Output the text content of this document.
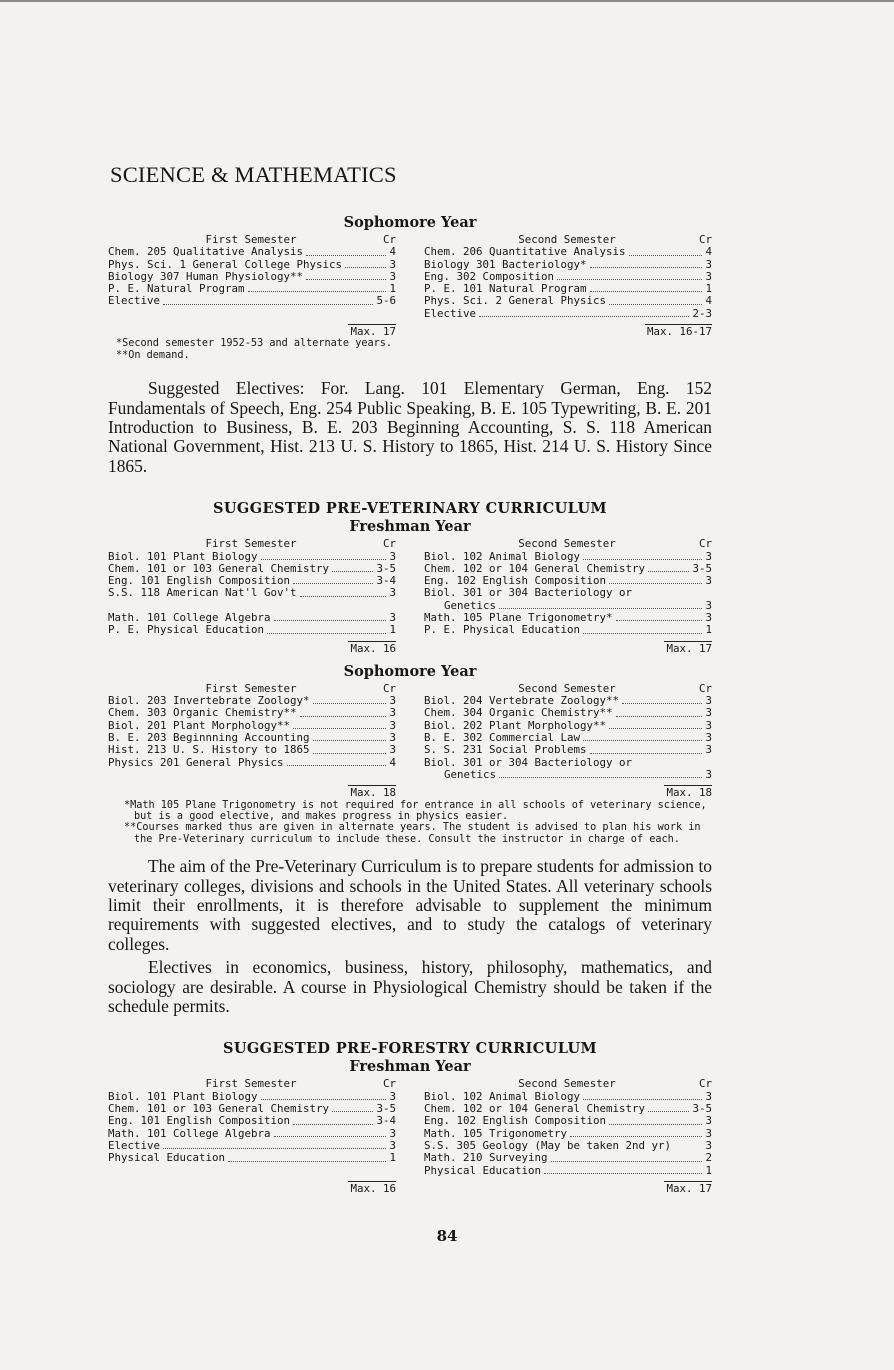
SCIENCE & MATHEMATICS
Sophomore Year
First Semester	Cr
Chem. 205 Qualitative Analysis	4
Phys. Sci. 1 General College Physics	3
Biology 307 Human Physiology**	3
P. E. Natural Program	1
Elective	5-6
Second Semester	Cr
Chem. 206 Quantitative Analysis	4
Biology 301 Bacteriology*	3
Eng. 302 Composition	3
P. E. 101 Natural Program	1
Phys. Sci. 2 General Physics	4
Elective	2-3
Max. 17	Max. 16-17
*Second semester 1952-53 and alternate years.
**On demand.

Suggested Electives: For. Lang. 101 Elementary German, Eng. 152 Fundamentals of Speech, Eng. 254 Public Speaking, B. E. 105 Typewriting, B. E. 201 Introduction to Business, B. E. 203 Beginning Accounting, S. S. 118 American National Government, Hist. 213 U. S. History to 1865, Hist. 214 U. S. History Since 1865.

SUGGESTED PRE-VETERINARY CURRICULUM
Freshman Year
First Semester	Cr
Biol. 101 Plant Biology	3
Chem. 101 or 103 General Chemistry	3-5
Eng. 101 English Composition	3-4
S.S. 118 American Nat'l Gov't	3
Math. 101 College Algebra	3
P. E. Physical Education	1
Second Semester	Cr
Biol. 102 Animal Biology	3
Chem. 102 or 104 General Chemistry	3-5
Eng. 102 English Composition	3
Biol. 301 or 304 Bacteriology or
Genetics	3
Math. 105 Plane Trigonometry*	3
P. E. Physical Education	1
Max. 16	Max. 17
Sophomore Year
First Semester	Cr
Biol. 203 Invertebrate Zoology*	3
Chem. 303 Organic Chemistry**	3
Biol. 201 Plant Morphology**	3
B. E. 203 Beginnning Accounting	3
Hist. 213 U. S. History to 1865	3
Physics 201 General Physics	4
Second Semester	Cr
Biol. 204 Vertebrate Zoology**	3
Chem. 304 Organic Chemistry**	3
Biol. 202 Plant Morphology**	3
B. E. 302 Commercial Law	3
S. S. 231 Social Problems	3
Biol. 301 or 304 Bacteriology or
Genetics	3
Max. 18	Max. 18
*Math 105 Plane Trigonometry is not required for entrance in all schools of veterinary science, but is a good elective, and makes progress in physics easier.
**Courses marked thus are given in alternate years. The student is advised to plan his work in the Pre-Veterinary curriculum to include these. Consult the instructor in charge of each.

The aim of the Pre-Veterinary Curriculum is to prepare students for admission to veterinary colleges, divisions and schools in the United States. All veterinary schools limit their enrollments, it is therefore advisable to supplement the minimum requirements with suggested electives, and to study the catalogs of veterinary colleges.

Electives in economics, business, history, philosophy, mathematics, and sociology are desirable. A course in Physiological Chemistry should be taken if the schedule permits.

SUGGESTED PRE-FORESTRY CURRICULUM
Freshman Year
First Semester	Cr
Biol. 101 Plant Biology	3
Chem. 101 or 103 General Chemistry	3-5
Eng. 101 English Composition	3-4
Math. 101 College Algebra	3
Elective	3
Physical Education	1
Second Semester	Cr
Biol. 102 Animal Biology	3
Chem. 102 or 104 General Chemistry	3-5
Eng. 102 English Composition	3
Math. 105 Trigonometry	3
S.S. 305 Geology (May be taken 2nd yr)	3
Math. 210 Surveying	2
Physical Education	1
Max. 16	Max. 17
84
